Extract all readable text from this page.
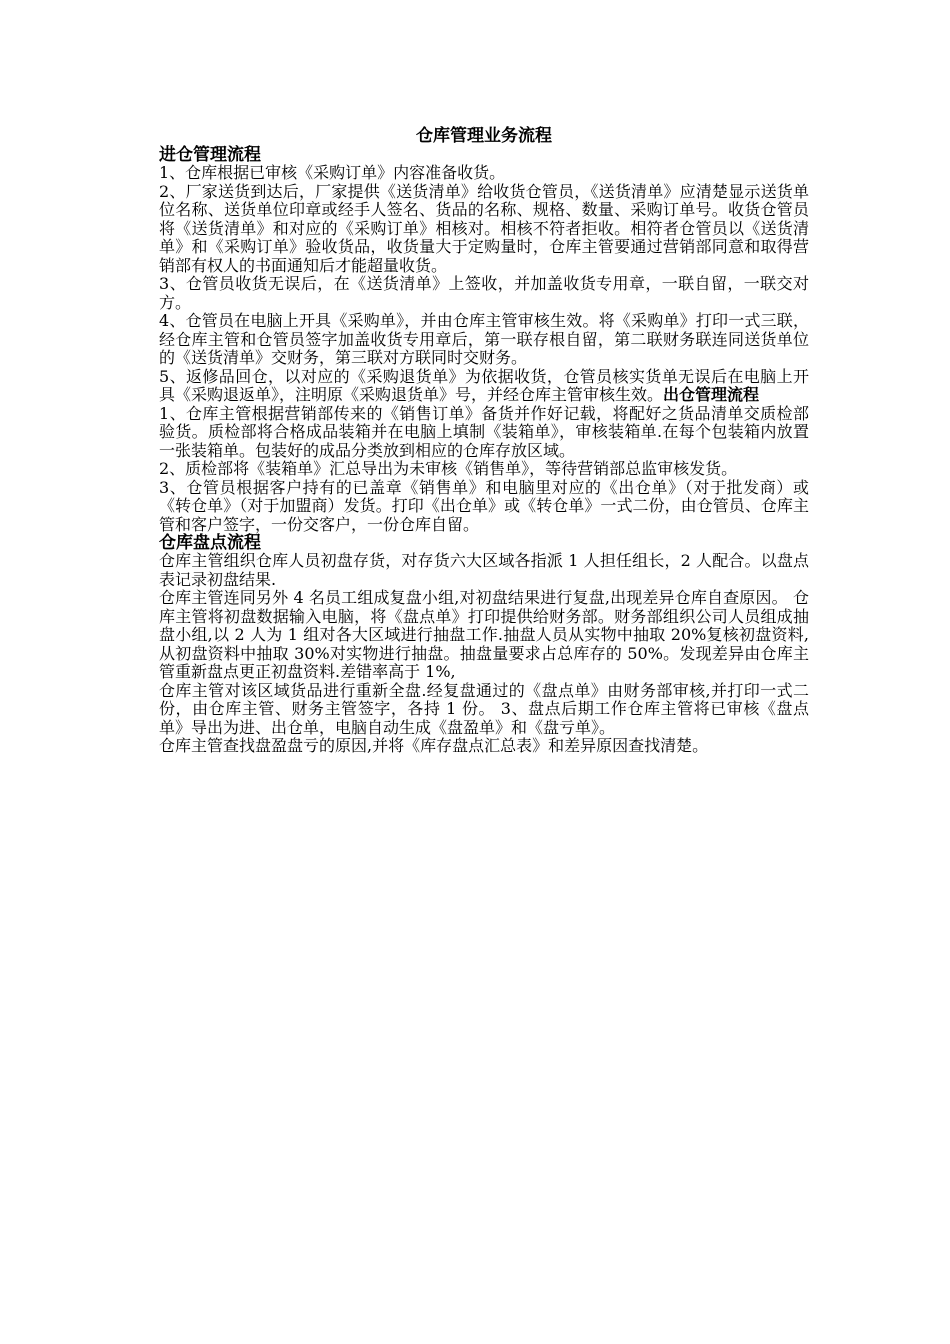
仓库管理业务流程
进仓管理流程

1、仓库根据已审核《采购订单》内容准备收货。

2、厂家送货到达后，厂家提供《送货清单》给收货仓管员，《送货清单》应清楚显示送货单位名称、送货单位印章或经手人签名、货品的名称、规格、数量、采购订单号。收货仓管员将《送货清单》和对应的《采购订单》相核对。相核不符者拒收。相符者仓管员以《送货清单》和《采购订单》验收货品，收货量大于定购量时，仓库主管要通过营销部同意和取得营销部有权人的书面通知后才能超量收货。

3、仓管员收货无误后，在《送货清单》上签收，并加盖收货专用章，一联自留，一联交对方。

4、仓管员在电脑上开具《采购单》，并由仓库主管审核生效。将《采购单》打印一式三联，经仓库主管和仓管员签字加盖收货专用章后，第一联存根自留，第二联财务联连同送货单位的《送货清单》交财务，第三联对方联同时交财务。

5、返修品回仓，以对应的《采购退货单》为依据收货，仓管员核实货单无误后在电脑上开具《采购退返单》，注明原《采购退货单》号，并经仓库主管审核生效。出仓管理流程

1、仓库主管根据营销部传来的《销售订单》备货并作好记载，将配好之货品清单交质检部验货。质检部将合格成品装箱并在电脑上填制《装箱单》，审核装箱单.在每个包装箱内放置一张装箱单。包装好的成品分类放到相应的仓库存放区域。

2、质检部将《装箱单》汇总导出为未审核《销售单》，等待营销部总监审核发货。

3、仓管员根据客户持有的已盖章《销售单》和电脑里对应的《出仓单》（对于批发商）或《转仓单》（对于加盟商）发货。打印《出仓单》或《转仓单》一式二份，由仓管员、仓库主管和客户签字，一份交客户，一份仓库自留。

仓库盘点流程

仓库主管组织仓库人员初盘存货，对存货六大区域各指派 1 人担任组长，2 人配合。以盘点表记录初盘结果.

仓库主管连同另外 4 名员工组成复盘小组,对初盘结果进行复盘,出现差异仓库自查原因。 仓库主管将初盘数据输入电脑，将《盘点单》打印提供给财务部。财务部组织公司人员组成抽盘小组,以 2 人为 1 组对各大区域进行抽盘工作.抽盘人员从实物中抽取 20%复核初盘资料,从初盘资料中抽取 30%对实物进行抽盘。抽盘量要求占总库存的 50%。发现差异由仓库主管重新盘点更正初盘资料.差错率高于 1%,

仓库主管对该区域货品进行重新全盘.经复盘通过的《盘点单》由财务部审核,并打印一式二份，由仓库主管、财务主管签字，各持 1 份。 3、盘点后期工作仓库主管将已审核《盘点单》导出为进、出仓单，电脑自动生成《盘盈单》和《盘亏单》。

仓库主管查找盘盈盘亏的原因,并将《库存盘点汇总表》和差异原因查找清楚。
